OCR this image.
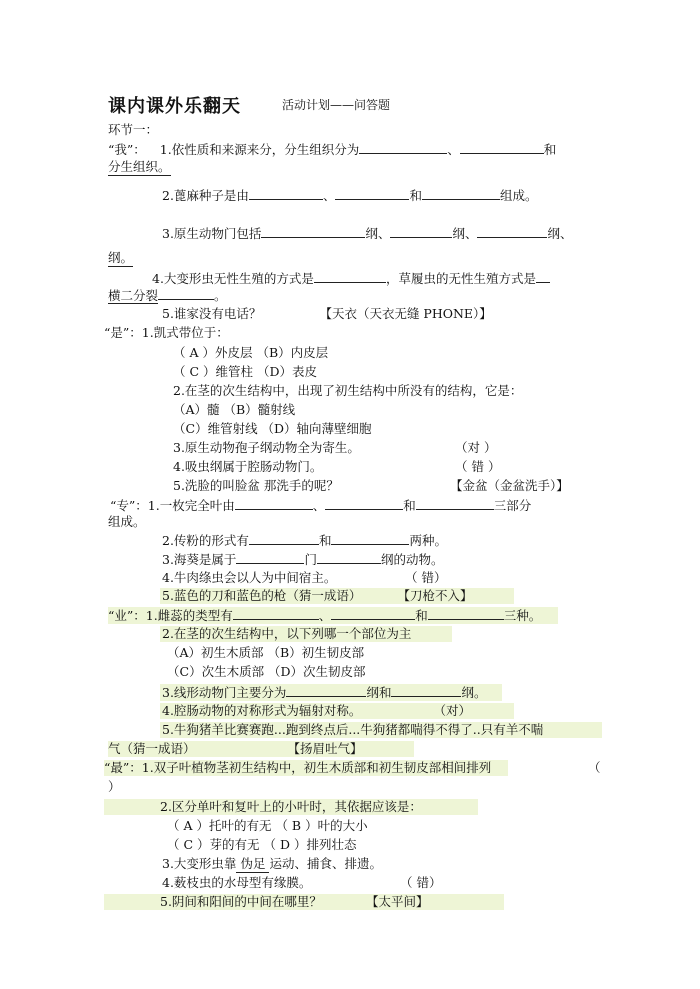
课内课外乐翻天	活动计划——问答题
环节一：
“我”： 1.依性质和来源来分，分生组织分为	、	和
分生组织。
2.蓖麻种子是由	、	和	组成。
3.原生动物门包括	纲、	纲、	纲、
纲。
4.大变形虫无性生殖的方式是	，草履虫的无性生殖方式是
横二分裂	。
5.谁家没有电话？	【天衣（天衣无缝 PHONE）】
“是”：1.凯式带位于：
（ A ）外皮层 （B）内皮层
（ C ）维管柱 （D）表皮
2.在茎的次生结构中，出现了初生结构中所没有的结构，它是：
（A）髓 （B）髓射线
（C）维管射线 （D）轴向薄壁细胞
3.原生动物孢子纲动物全为寄生。	（对 ）
4.吸虫纲属于腔肠动物门。	（ 错 ）
5.洗脸的叫脸盆 那洗手的呢？	【金盆（金盆洗手）】
“专”：1.一枚完全叶由	、	和	三部分
组成。
2.传粉的形式有	和	两种。
3.海葵是属于	门	纲的动物。
4.牛肉绦虫会以人为中间宿主。	（ 错）
5.蓝色的刀和蓝色的枪（猜一成语）	【刀枪不入】
“业”：1.雌蕊的类型有	、	和	三种。
2.在茎的次生结构中，以下列哪一个部位为主
（A）初生木质部 （B）初生韧皮部
（C）次生木质部 （D）次生韧皮部
3.线形动物门主要分为	纲和	纲。
4.腔肠动物的对称形式为辐射对称。	（对）
5.牛狗猪羊比赛赛跑...跑到终点后...牛狗猪都喘得不得了..只有羊不喘
气（猜一成语）	【扬眉吐气】
“最”：1.双子叶植物茎初生结构中，初生木质部和初生韧皮部相间排列	（
）
2.区分单叶和复叶上的小叶时，其依据应该是：
（ A ）托叶的有无 （ B ）叶的大小
（ C ）芽的有无 （ D ）排列壮态
3.大变形虫靠 伪足 运动、捕食、排遗。
4.薮枝虫的水母型有缘膜。	（ 错）
5.阴间和阳间的中间在哪里？	【太平间】
